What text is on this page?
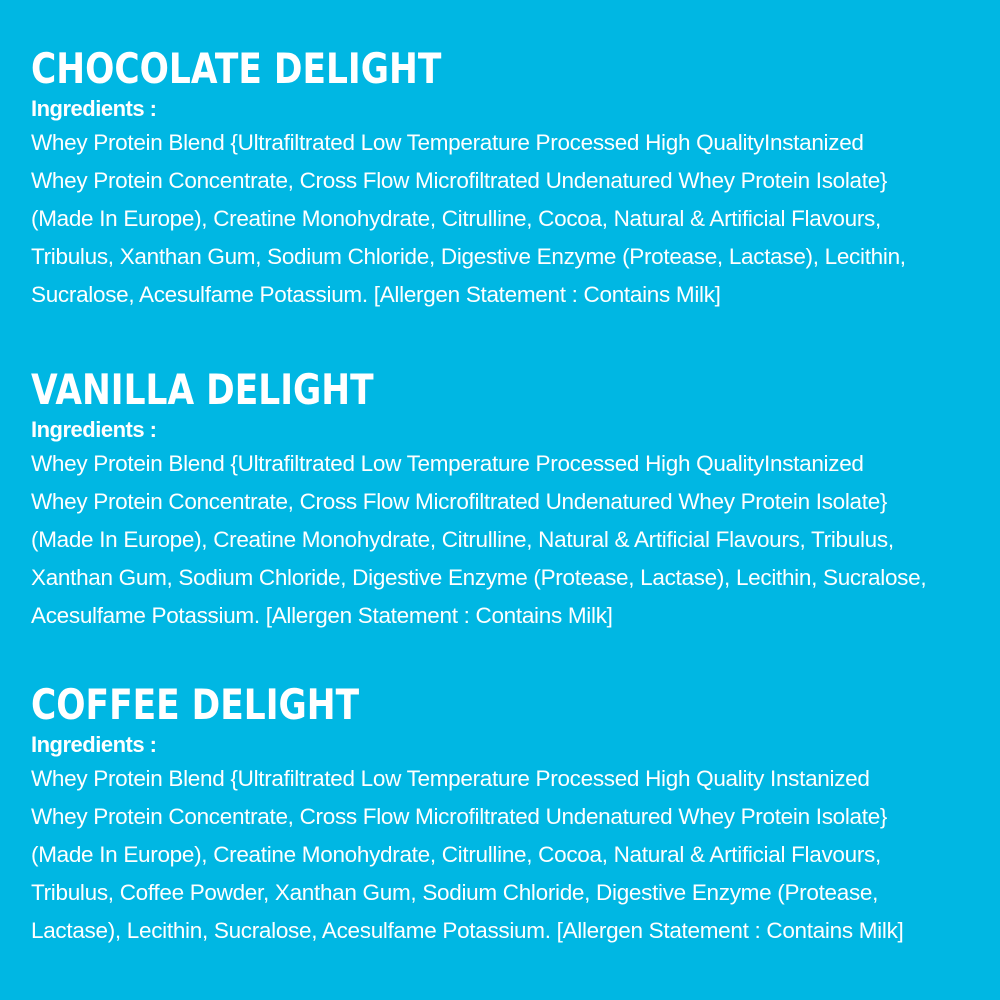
CHOCOLATE DELIGHT

Ingredients :

Whey Protein Blend {Ultrafiltrated Low Temperature Processed High QualityInstanized
Whey Protein Concentrate, Cross Flow Microfiltrated Undenatured Whey Protein Isolate}
(Made In Europe), Creatine Monohydrate, Citrulline, Cocoa, Natural & Artificial Flavours,
Tribulus, Xanthan Gum, Sodium Chloride, Digestive Enzyme (Protease, Lactase), Lecithin,
Sucralose, Acesulfame Potassium. [Allergen Statement : Contains Milk]

VANILLA DELIGHT

Ingredients :

Whey Protein Blend {Ultrafiltrated Low Temperature Processed High QualityInstanized
Whey Protein Concentrate, Cross Flow Microfiltrated Undenatured Whey Protein Isolate}
(Made In Europe), Creatine Monohydrate, Citrulline, Natural & Artificial Flavours, Tribulus,
Xanthan Gum, Sodium Chloride, Digestive Enzyme (Protease, Lactase), Lecithin, Sucralose,
Acesulfame Potassium. [Allergen Statement : Contains Milk]

COFFEE DELIGHT

Ingredients :

Whey Protein Blend {Ultrafiltrated Low Temperature Processed High Quality Instanized
Whey Protein Concentrate, Cross Flow Microfiltrated Undenatured Whey Protein Isolate}
(Made In Europe), Creatine Monohydrate, Citrulline, Cocoa, Natural & Artificial Flavours,
Tribulus, Coffee Powder, Xanthan Gum, Sodium Chloride, Digestive Enzyme (Protease,
Lactase), Lecithin, Sucralose, Acesulfame Potassium. [Allergen Statement : Contains Milk]
